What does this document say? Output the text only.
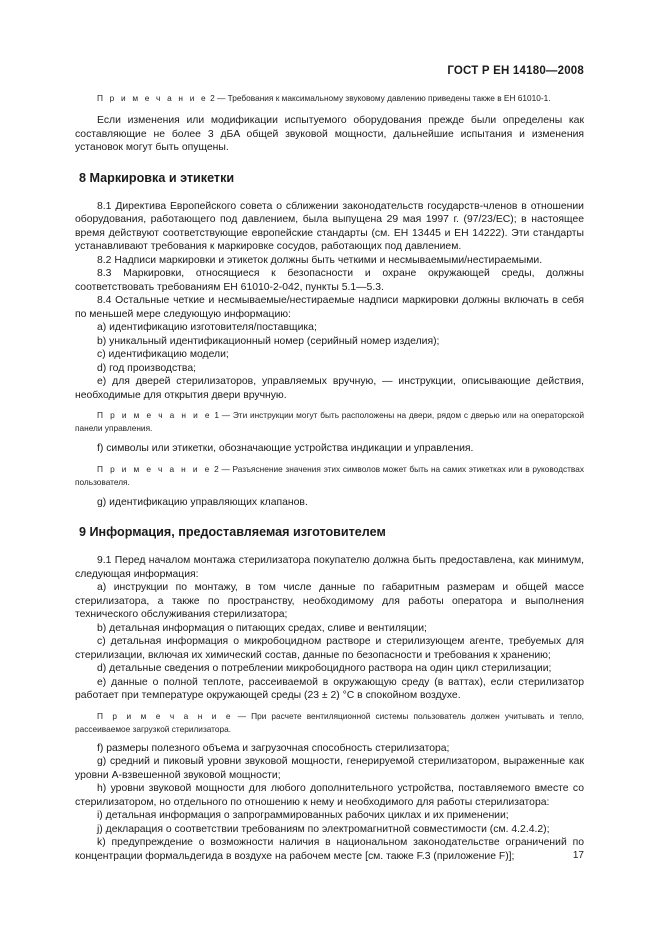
ГОСТ Р ЕН 14180—2008

П р и м е ч а н и е 2 — Требования к максимальному звуковому давлению приведены также в ЕН 61010-1.

Если изменения или модификации испытуемого оборудования прежде были определены как составляющие не более 3 дБA общей звуковой мощности, дальнейшие испытания и изменения установок могут быть опущены.

8 Маркировка и этикетки

8.1 Директива Европейского совета о сближении законодательств государств-членов в отношении оборудования, работающего под давлением, была выпущена 29 мая 1997 г. (97/23/ЕС); в настоящее время действуют соответствующие европейские стандарты (см. ЕН 13445 и ЕН 14222). Эти стандарты устанавливают требования к маркировке сосудов, работающих под давлением.

8.2 Надписи маркировки и этикеток должны быть четкими и несмываемыми/нестираемыми.

8.3 Маркировки, относящиеся к безопасности и охране окружающей среды, должны соответствовать требованиям ЕН 61010-2-042, пункты 5.1—5.3.

8.4 Остальные четкие и несмываемые/нестираемые надписи маркировки должны включать в себя по меньшей мере следующую информацию:

а) идентификацию изготовителя/поставщика;

b) уникальный идентификационный номер (серийный номер изделия);

с) идентификацию модели;

d) год производства;

е) для дверей стерилизаторов, управляемых вручную, — инструкции, описывающие действия, необходимые для открытия двери вручную.

П р и м е ч а н и е 1 — Эти инструкции могут быть расположены на двери, рядом с дверью или на операторской панели управления.

f) символы или этикетки, обозначающие устройства индикации и управления.

П р и м е ч а н и е 2 — Разъяснение значения этих символов может быть на самих этикетках или в руководствах пользователя.

g) идентификацию управляющих клапанов.

9 Информация, предоставляемая изготовителем

9.1 Перед началом монтажа стерилизатора покупателю должна быть предоставлена, как минимум, следующая информация:

а) инструкции по монтажу, в том числе данные по габаритным размерам и общей массе стерилизатора, а также по пространству, необходимому для работы оператора и выполнения технического обслуживания стерилизатора;

b) детальная информация о питающих средах, сливе и вентиляции;

с) детальная информация о микробоцидном растворе и стерилизующем агенте, требуемых для стерилизации, включая их химический состав, данные по безопасности и требования к хранению;

d) детальные сведения о потреблении микробоцидного раствора на один цикл стерилизации;

е) данные о полной теплоте, рассеиваемой в окружающую среду (в ваттах), если стерилизатор работает при температуре окружающей среды (23 ± 2) °С в спокойном воздухе.

П р и м е ч а н и е — При расчете вентиляционной системы пользователь должен учитывать и тепло, рассеиваемое загрузкой стерилизатора.

f) размеры полезного объема и загрузочная способность стерилизатора;

g) средний и пиковый уровни звуковой мощности, генерируемой стерилизатором, выраженные как уровни А-взвешенной звуковой мощности;

h) уровни звуковой мощности для любого дополнительного устройства, поставляемого вместе со стерилизатором, но отдельного по отношению к нему и необходимого для работы стерилизатора:

i) детальная информация о запрограммированных рабочих циклах и их применении;

j) декларация о соответствии требованиям по электромагнитной совместимости (см. 4.2.4.2);

k) предупреждение о возможности наличия в национальном законодательстве ограничений по концентрации формальдегида в воздухе на рабочем месте [см. также F.3 (приложение F)];	17
